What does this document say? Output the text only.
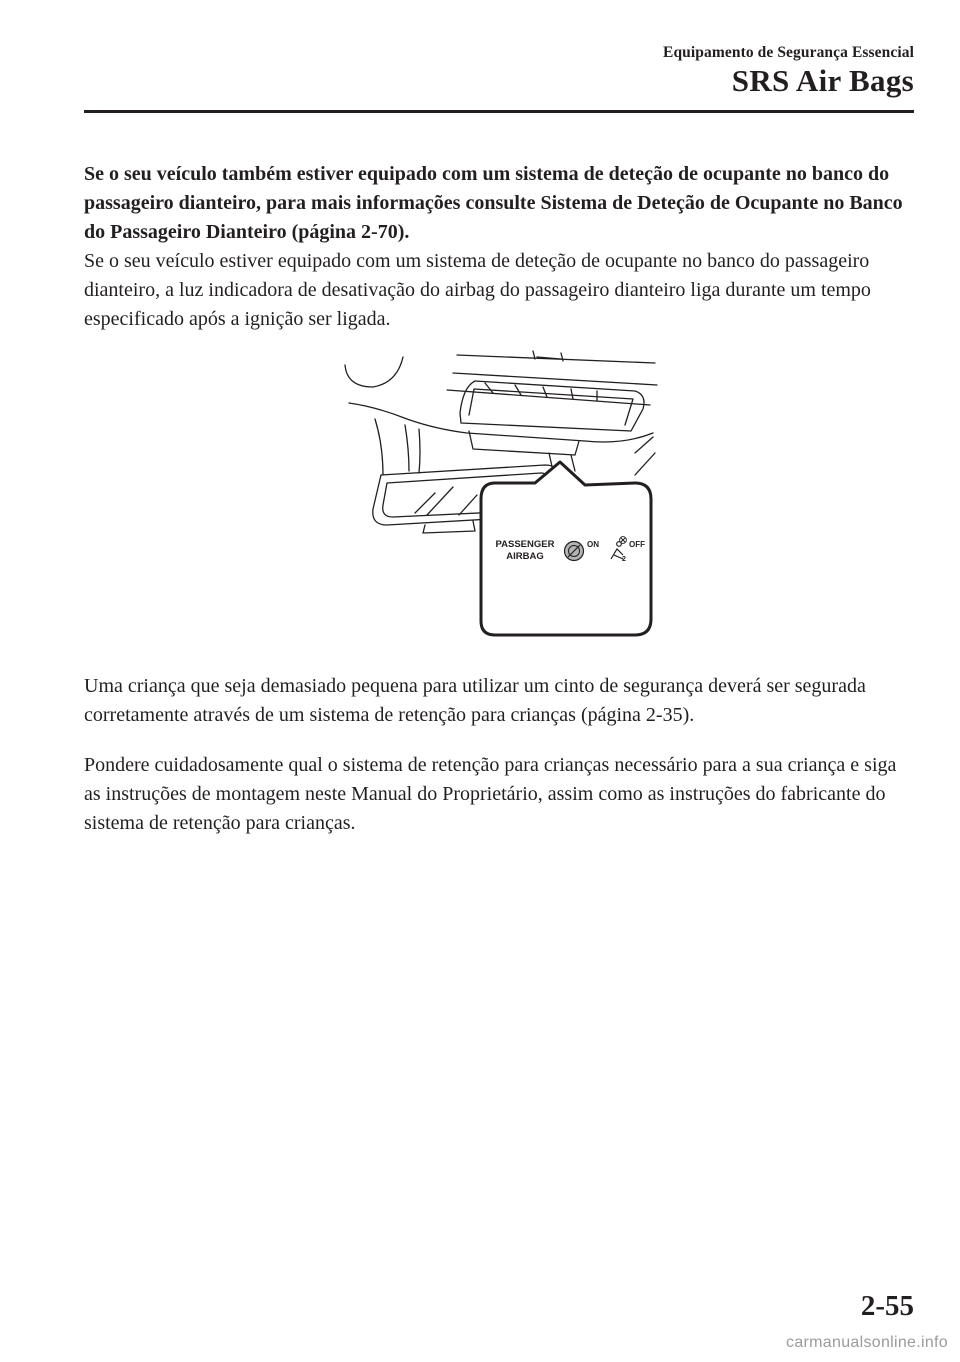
Equipamento de Segurança Essencial
SRS Air Bags

Se o seu veículo também estiver equipado com um sistema de deteção de ocupante no banco do passageiro dianteiro, para mais informações consulte Sistema de Deteção de Ocupante no Banco do Passageiro Dianteiro (página 2-70).

Se o seu veículo estiver equipado com um sistema de deteção de ocupante no banco do passageiro dianteiro, a luz indicadora de desativação do airbag do passageiro dianteiro liga durante um tempo especificado após a ignição ser ligada.

PASSENGER
AIRBAG
ON	OFF
2

Uma criança que seja demasiado pequena para utilizar um cinto de segurança deverá ser segurada corretamente através de um sistema de retenção para crianças (página 2-35).

Pondere cuidadosamente qual o sistema de retenção para crianças necessário para a sua criança e siga as instruções de montagem neste Manual do Proprietário, assim como as instruções do fabricante do sistema de retenção para crianças.

2-55
carmanualsonline.info
